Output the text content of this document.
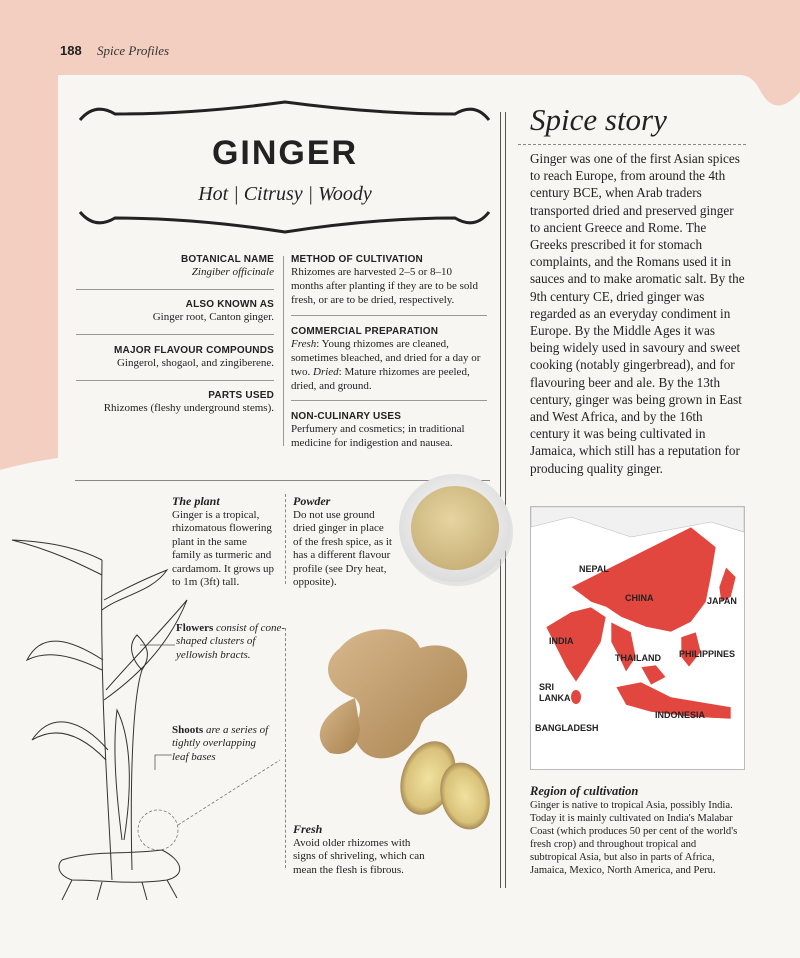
188 Spice Profiles
GINGER
Hot | Citrusy | Woody
BOTANICAL NAME
Zingiber officinale
ALSO KNOWN AS
Ginger root, Canton ginger.
MAJOR FLAVOUR COMPOUNDS
Gingerol, shogaol, and zingiberene.
PARTS USED
Rhizomes (fleshy underground stems).
METHOD OF CULTIVATION
Rhizomes are harvested 2–5 or 8–10 months after planting if they are to be sold fresh, or are to be dried, respectively.
COMMERCIAL PREPARATION
Fresh: Young rhizomes are cleaned, sometimes bleached, and dried for a day or two. Dried: Mature rhizomes are peeled, dried, and ground.
NON-CULINARY USES
Perfumery and cosmetics; in traditional medicine for indigestion and nausea.
Spice story
Ginger was one of the first Asian spices to reach Europe, from around the 4th century BCE, when Arab traders transported dried and preserved ginger to ancient Greece and Rome. The Greeks prescribed it for stomach complaints, and the Romans used it in sauces and to make aromatic salt. By the 9th century CE, dried ginger was regarded as an everyday condiment in Europe. By the Middle Ages it was being widely used in savoury and sweet cooking (notably gingerbread), and for flavouring beer and ale. By the 13th century, ginger was being grown in East and West Africa, and by the 16th century it was being cultivated in Jamaica, which still has a reputation for producing quality ginger.
The plant
Ginger is a tropical, rhizomatous flowering plant in the same family as turmeric and cardamom. It grows up to 1m (3ft) tall.
Powder
Do not use ground dried ginger in place of the fresh spice, as it has a different flavour profile (see Dry heat, opposite).
Flowers consist of cone-shaped clusters of yellowish bracts.
Shoots are a series of tightly overlapping leaf bases
Fresh
Avoid older rhizomes with signs of shriveling, which can mean the flesh is fibrous.
NEPAL
CHINA	JAPAN
INDIA
THAILAND PHILIPPINES
SRI
LANKA
INDONESIA
BANGLADESH
Region of cultivation
Ginger is native to tropical Asia, possibly India. Today it is mainly cultivated on India's Malabar Coast (which produces 50 per cent of the world's fresh crop) and throughout tropical and subtropical Asia, but also in parts of Africa, Jamaica, Mexico, North America, and Peru.
